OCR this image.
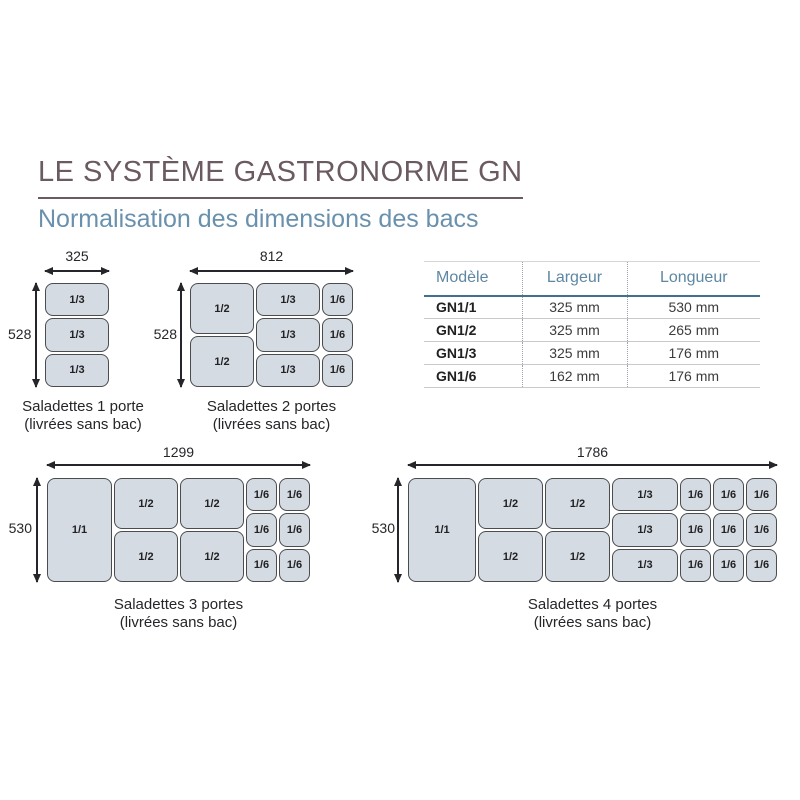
LE SYSTÈME GASTRONORME GN
Normalisation des dimensions des bacs
325
528
1/3
1/3
1/3
Saladettes 1 porte
(livrées sans bac)
812
528
1/2
1/2
1/3
1/3
1/3
1/6
1/6
1/6
Saladettes 2 portes
(livrées sans bac)
Modèle	Largeur	Longueur
GN1/1	325 mm	530 mm
GN1/2	325 mm	265 mm
GN1/3	325 mm	176 mm
GN1/6	162 mm	176 mm
1299
530	1/1
1/2
1/2
1/2
1/2
1/6
1/6
1/6
1/6
1/6
1/6
Saladettes 3 portes
(livrées sans bac)
1786
530	1/1
1/2
1/2
1/2
1/2
1/3
1/3
1/3
1/6
1/6
1/6
1/6
1/6
1/6
1/6
1/6
1/6
Saladettes 4 portes
(livrées sans bac)
